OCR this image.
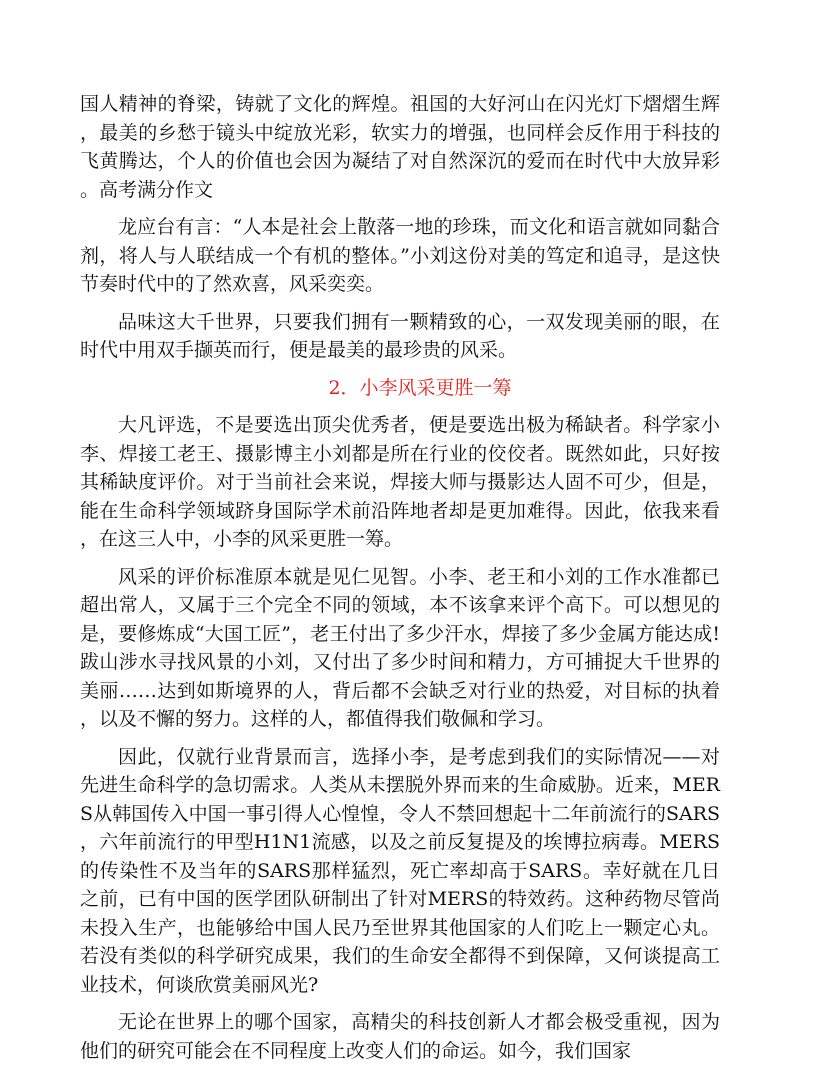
国人精神的脊梁，铸就了文化的辉煌。祖国的大好河山在闪光灯下熠熠生辉，最美的乡愁于镜头中绽放光彩，软实力的增强，也同样会反作用于科技的飞黄腾达，个人的价值也会因为凝结了对自然深沉的爱而在时代中大放异彩。高考满分作文

龙应台有言：“人本是社会上散落一地的珍珠，而文化和语言就如同黏合剂，将人与人联结成一个有机的整体。”小刘这份对美的笃定和追寻，是这快节奏时代中的了然欢喜，风采奕奕。

品味这大千世界，只要我们拥有一颗精致的心，一双发现美丽的眼，在时代中用双手撷英而行，便是最美的最珍贵的风采。

2．小李风采更胜一筹

大凡评选，不是要选出顶尖优秀者，便是要选出极为稀缺者。科学家小李、焊接工老王、摄影博主小刘都是所在行业的佼佼者。既然如此，只好按其稀缺度评价。对于当前社会来说，焊接大师与摄影达人固不可少，但是，能在生命科学领域跻身国际学术前沿阵地者却是更加难得。因此，依我来看，在这三人中，小李的风采更胜一筹。

风采的评价标准原本就是见仁见智。小李、老王和小刘的工作水准都已超出常人，又属于三个完全不同的领域，本不该拿来评个高下。可以想见的是，要修炼成“大国工匠”，老王付出了多少汗水，焊接了多少金属方能达成!跋山涉水寻找风景的小刘，又付出了多少时间和精力，方可捕捉大千世界的美丽……达到如斯境界的人，背后都不会缺乏对行业的热爱，对目标的执着，以及不懈的努力。这样的人，都值得我们敬佩和学习。

因此，仅就行业背景而言，选择小李，是考虑到我们的实际情况——对先进生命科学的急切需求。人类从未摆脱外界而来的生命威胁。近来，MERS从韩国传入中国一事引得人心惶惶，令人不禁回想起十二年前流行的SARS，六年前流行的甲型H1N1流感，以及之前反复提及的埃博拉病毒。MERS的传染性不及当年的SARS那样猛烈，死亡率却高于SARS。幸好就在几日之前，已有中国的医学团队研制出了针对MERS的特效药。这种药物尽管尚未投入生产，也能够给中国人民乃至世界其他国家的人们吃上一颗定心丸。若没有类似的科学研究成果，我们的生命安全都得不到保障，又何谈提高工业技术，何谈欣赏美丽风光?

无论在世界上的哪个国家，高精尖的科技创新人才都会极受重视，因为他们的研究可能会在不同程度上改变人们的命运。如今，我们国家
